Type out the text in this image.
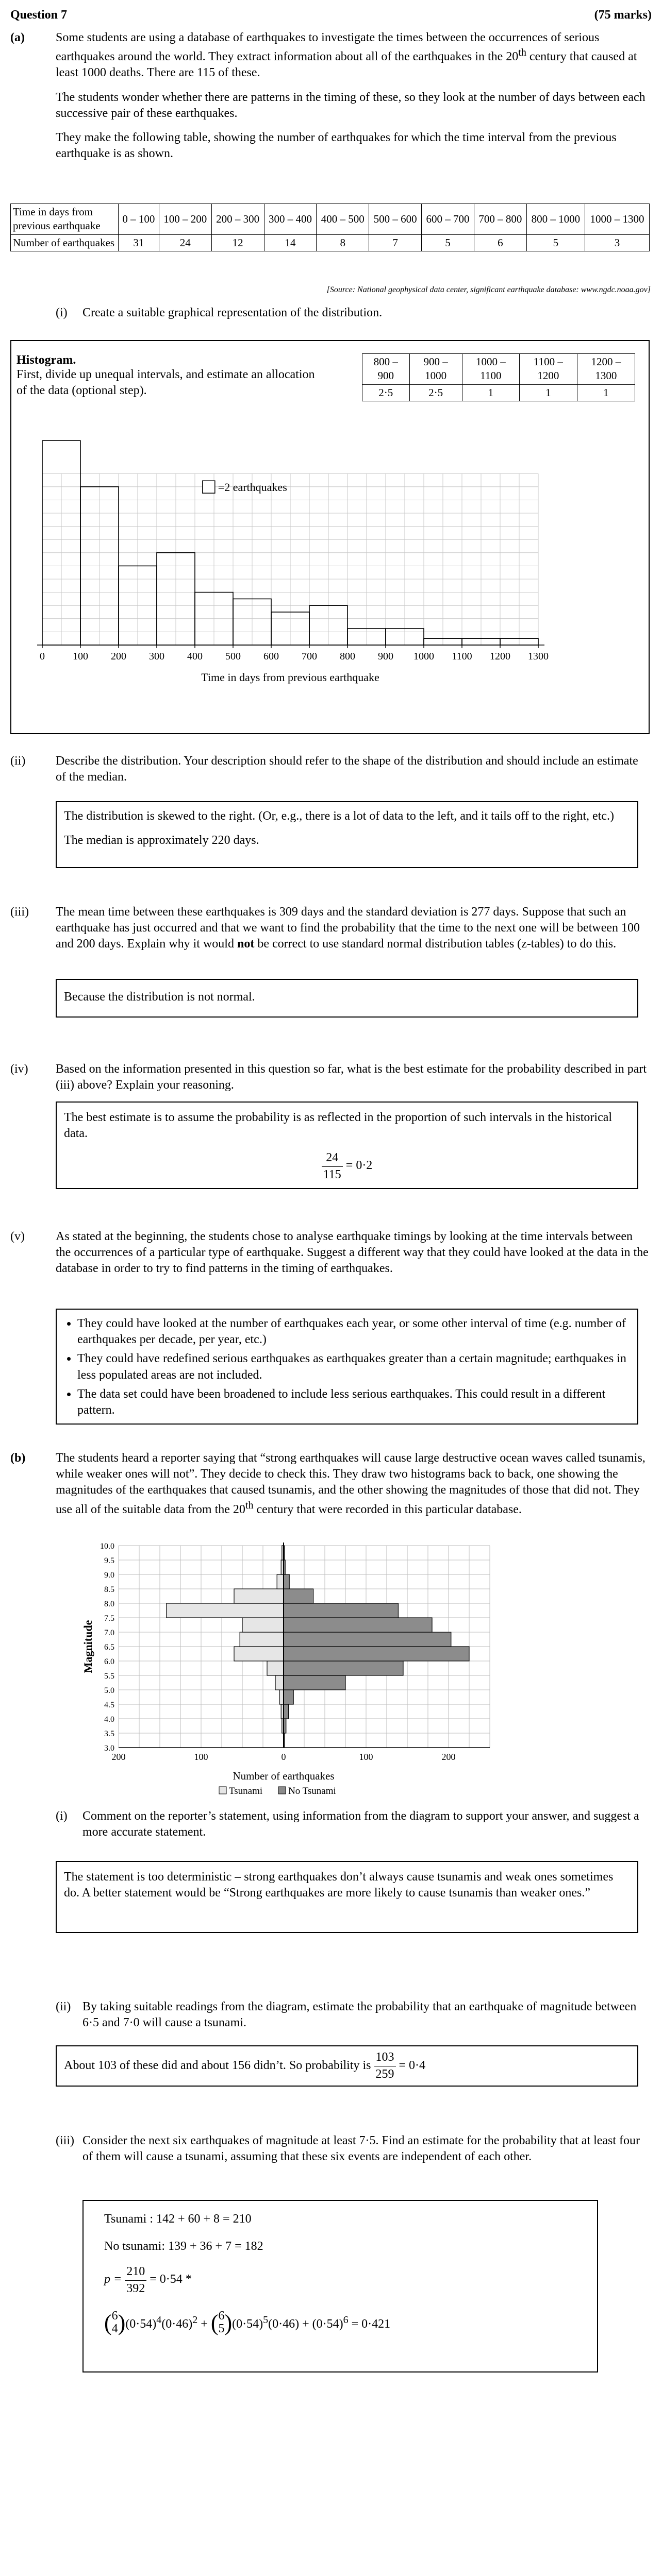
Question 7	(75 marks)
(a)	Some students are using a database of earthquakes to investigate the times between the occurrences of serious earthquakes around the world. They extract information about all of the earthquakes in the 20th century that caused at least 1000 deaths. There are 115 of these.

The students wonder whether there are patterns in the timing of these, so they look at the number of days between each successive pair of these earthquakes.

They make the following table, showing the number of earthquakes for which the time interval from the previous earthquake is as shown.

Time in days from previous earthquake	0 – 100	100 – 200	200 – 300	300 – 400	400 – 500	500 – 600	600 – 700	700 – 800	800 – 1000	1000 – 1300
Number of earthquakes	31	24	12	14	8	7	5	6	5	3
[Source: National geophysical data center, significant earthquake database: www.ngdc.noaa.gov]
(i) Create a suitable graphical representation of the distribution.
Histogram.
First, divide up unequal intervals, and estimate an allocation of the data (optional step).
800 – 900	900 – 1000	1000 – 1100	1100 – 1200	1200 – 1300
2·5	2·5	1	1	1
0	100 200 300 400 500 600 700 800 900 1000 1100 1200 1300
Time in days from previous earthquake
=2 earthquakes
(ii) Describe the distribution. Your description should refer to the shape of the distribution and should include an estimate of the median.

The distribution is skewed to the right. (Or, e.g., there is a lot of data to the left, and it tails off to the right, etc.)

The median is approximately 220 days.

(iii) The mean time between these earthquakes is 309 days and the standard deviation is 277 days. Suppose that such an earthquake has just occurred and that we want to find the probability that the time to the next one will be between 100 and 200 days. Explain why it would not be correct to use standard normal distribution tables (z-tables) to do this.
Because the distribution is not normal.
(iv) Based on the information presented in this question so far, what is the best estimate for the probability described in part (iii) above? Explain your reasoning.

The best estimate is to assume the probability is as reflected in the proportion of such intervals in the historical data.

$\frac{24}{115} = 0\cdot 2$
(v)	As stated at the beginning, the students chose to analyse earthquake timings by looking at the time intervals between the occurrences of a particular type of earthquake. Suggest a different way that they could have looked at the data in the database in order to try to find patterns in the timing of earthquakes.
• They could have looked at the number of earthquakes each year, or some other interval of time (e.g. number of earthquakes per decade, per year, etc.)
• They could have redefined serious earthquakes as earthquakes greater than a certain magnitude; earthquakes in less populated areas are not included.
• The data set could have been broadened to include less serious earthquakes. This could result in a different pattern.
(b) The students heard a reporter saying that “strong earthquakes will cause large destructive ocean waves called tsunamis, while weaker ones will not”. They decide to check this. They draw two histograms back to back, one showing the magnitudes of the earthquakes that caused tsunamis, and the other showing the magnitudes of those that did not. They use all of the suitable data from the 20th century that were recorded in this particular database.
3.0
3.5
4.0
4.5
5.0
5.5
6.0
6.5
7.0
7.5
8.0
8.5
9.0
9.5
10.0
200	100	0	100	200
Magnitude
Number of earthquakes
Tsunami	No Tsunami
(i) Comment on the reporter’s statement, using information from the diagram to support your answer, and suggest a more accurate statement.
The statement is too deterministic – strong earthquakes don’t always cause tsunamis and weak ones sometimes do. A better statement would be “Strong earthquakes are more likely to cause tsunamis than weaker ones.”
(ii) By taking suitable readings from the diagram, estimate the probability that an earthquake of magnitude between 6·5 and 7·0 will cause a tsunami.
About 103 of these did and about 156 didn’t. So probability is
$\frac{103}{259}$
= 0·4
(iii) Consider the next six earthquakes of magnitude at least 7·5. Find an estimate for the probability that at least four of them will cause a tsunami, assuming that these six events are independent of each other.

Tsunami : 142 + 60 + 8 = 210

No tsunami: 139 + 36 + 7 = 182

$p = \frac{210}{392} = 0\cdot 54$ *
( 6
4 ) $(0\cdot 54)^4(0\cdot 46)^2$ + ( 6
5 ) $(0\cdot 54)^5(0\cdot 46) + (0\cdot 54)^6 = 0\cdot 421$
